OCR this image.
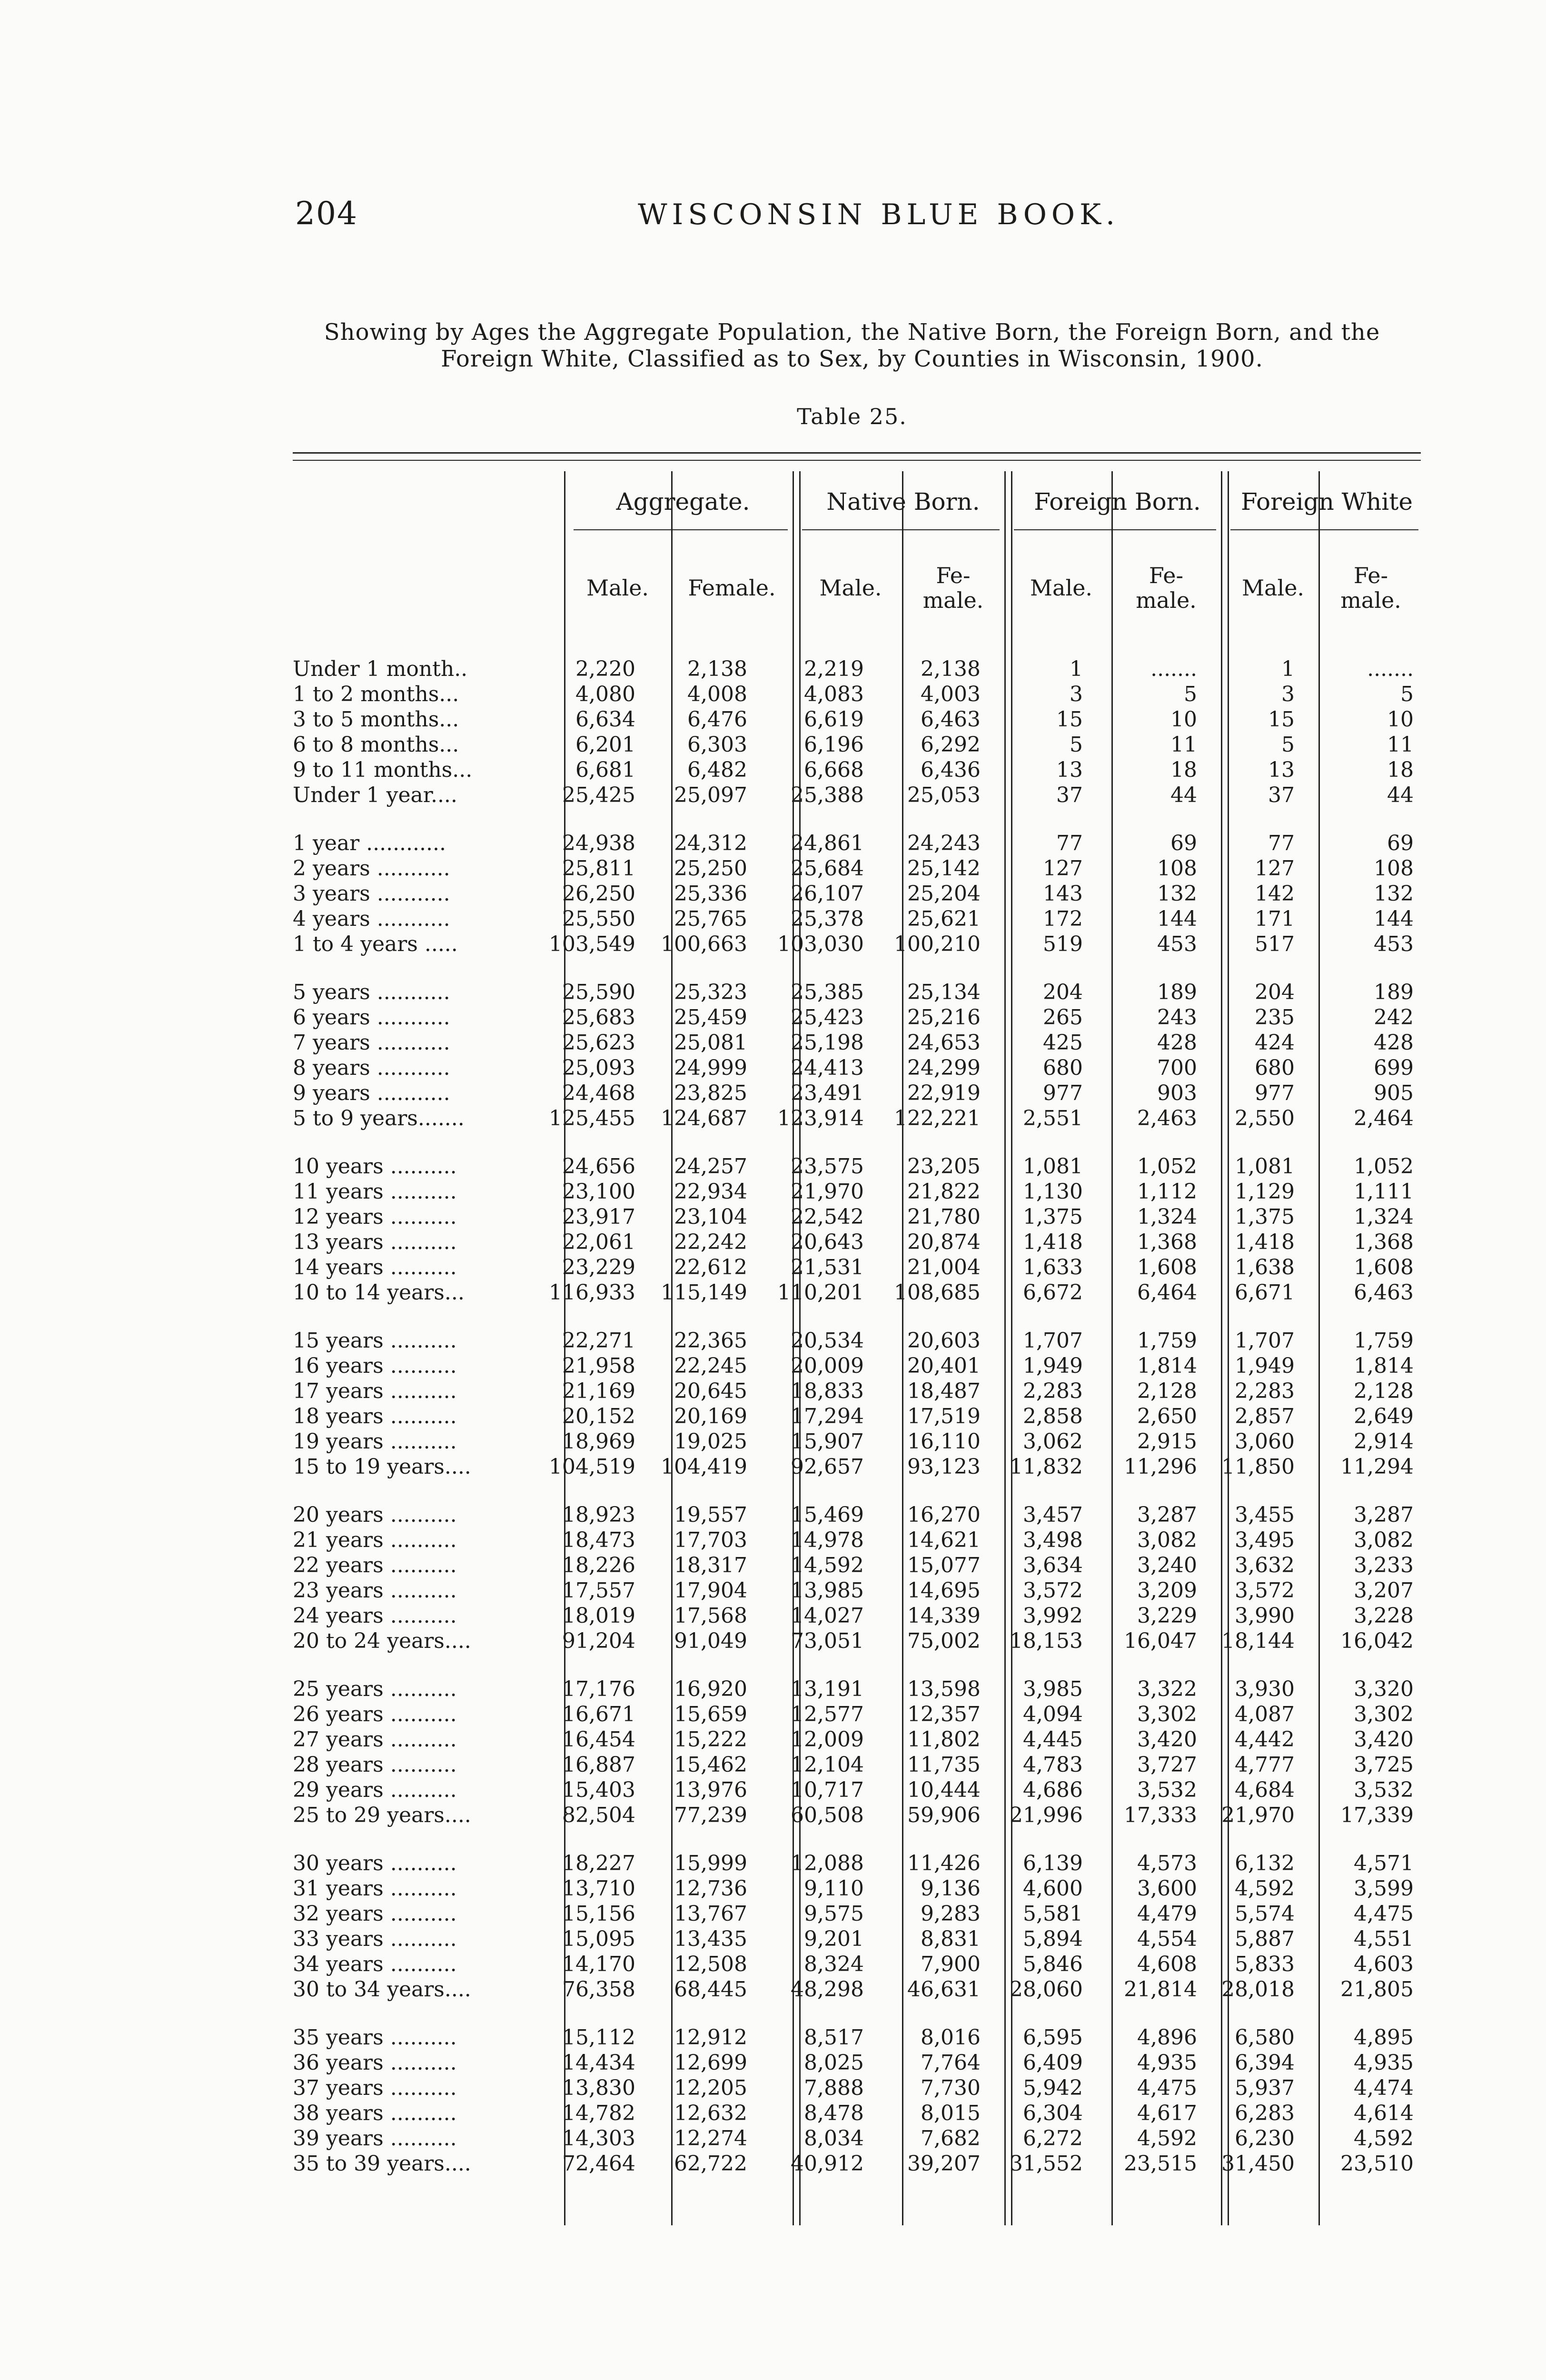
204	WISCONSIN BLUE BOOK.
Showing by Ages the Aggregate Population, the Native Born, the Foreign Born, and the Foreign White, Classified as to Sex, by Counties in Wisconsin, 1900.
Table 25.
Aggregate.	Native Born.	Foreign Born.	Foreign White
Male.	Female.	Male.	Fe-
male.	Male.	Fe-
male.	Male.	Fe-
male.
Under 1 month..	2,220 2,138	2,219	2,138	1	.......	1	.......
1 to 2 months...	4,080 4,008	4,083	4,003	3	5	3	5
3 to 5 months...	6,634 6,476	6,619	6,463	15	10	15	10
6 to 8 months...	6,201 6,303	6,196	6,292	5	11	5	11
9 to 11 months...	6,681 6,482	6,668	6,436	13	18	13	18
Under 1 year....	25,425 25,097 25,388 25,053	37	44	37	44
1 year ............	24,938 24,312 24,861 24,243	77	69	77	69
2 years ...........	25,811 25,250 25,684 25,142	127	108	127	108
3 years ...........	26,250 25,336 26,107 25,204	143	132	142	132
4 years ...........	25,550 25,765 25,378 25,621	172	144	171	144
1 to 4 years .....	103,549 100,663 103,030 100,210	519	453	517	453
5 years ...........	25,590 25,323 25,385 25,134	204	189	204	189
6 years ...........	25,683 25,459 25,423 25,216	265	243	235	242
7 years ...........	25,623 25,081 25,198 24,653	425	428	424	428
8 years ...........	25,093 24,999 24,413 24,299	680	700	680	699
9 years ...........	24,468 23,825 23,491 22,919	977	903	977	905
5 to 9 years.......	125,455 124,687 123,914 122,221 2,551	2,463 2,550	2,464
10 years ..........	24,656 24,257 23,575 23,205 1,081	1,052 1,081	1,052
11 years ..........	23,100 22,934 21,970 21,822 1,130	1,112 1,129	1,111
12 years ..........	23,917 23,104 22,542 21,780 1,375	1,324 1,375	1,324
13 years ..........	22,061 22,242 20,643 20,874 1,418	1,368 1,418	1,368
14 years ..........	23,229 22,612 21,531 21,004 1,633	1,608 1,638	1,608
10 to 14 years...	116,933 115,149 110,201 108,685 6,672	6,464 6,671	6,463
15 years ..........	22,271 22,365 20,534 20,603 1,707	1,759 1,707	1,759
16 years ..........	21,958 22,245 20,009 20,401 1,949	1,814 1,949	1,814
17 years ..........	21,169 20,645 18,833 18,487 2,283	2,128 2,283	2,128
18 years ..........	20,152 20,169 17,294 17,519 2,858	2,650 2,857	2,649
19 years ..........	18,969 19,025 15,907 16,110 3,062	2,915 3,060	2,914
15 to 19 years....	104,519 104,419 92,657 93,123 11,832 11,296 11,850 11,294
20 years ..........	18,923 19,557 15,469 16,270 3,457	3,287 3,455	3,287
21 years ..........	18,473 17,703 14,978 14,621 3,498	3,082 3,495	3,082
22 years ..........	18,226 18,317 14,592 15,077 3,634	3,240 3,632	3,233
23 years ..........	17,557 17,904 13,985 14,695 3,572	3,209 3,572	3,207
24 years ..........	18,019 17,568 14,027 14,339 3,992	3,229 3,990	3,228
20 to 24 years....	91,204 91,049 73,051 75,002 18,153 16,047 18,144 16,042
25 years ..........	17,176 16,920 13,191 13,598 3,985	3,322 3,930	3,320
26 years ..........	16,671 15,659 12,577 12,357 4,094	3,302 4,087	3,302
27 years ..........	16,454 15,222 12,009 11,802 4,445	3,420 4,442	3,420
28 years ..........	16,887 15,462 12,104 11,735 4,783	3,727 4,777	3,725
29 years ..........	15,403 13,976 10,717 10,444 4,686	3,532 4,684	3,532
25 to 29 years....	82,504 77,239 60,508 59,906 21,996 17,333 21,970 17,339
30 years ..........	18,227 15,999 12,088 11,426 6,139	4,573 6,132	4,571
31 years ..........	13,710 12,736	9,110	9,136 4,600	3,600 4,592	3,599
32 years ..........	15,156 13,767	9,575	9,283 5,581	4,479 5,574	4,475
33 years ..........	15,095 13,435	9,201	8,831 5,894	4,554 5,887	4,551
34 years ..........	14,170 12,508	8,324	7,900 5,846	4,608 5,833	4,603
30 to 34 years....	76,358 68,445 48,298 46,631 28,060 21,814 28,018 21,805
35 years ..........	15,112 12,912	8,517	8,016 6,595	4,896 6,580	4,895
36 years ..........	14,434 12,699	8,025	7,764 6,409	4,935 6,394	4,935
37 years ..........	13,830 12,205	7,888	7,730 5,942	4,475 5,937	4,474
38 years ..........	14,782 12,632	8,478	8,015 6,304	4,617 6,283	4,614
39 years ..........	14,303 12,274	8,034	7,682 6,272	4,592 6,230	4,592
35 to 39 years....	72,464 62,722 40,912 39,207 31,552 23,515 31,450 23,510
